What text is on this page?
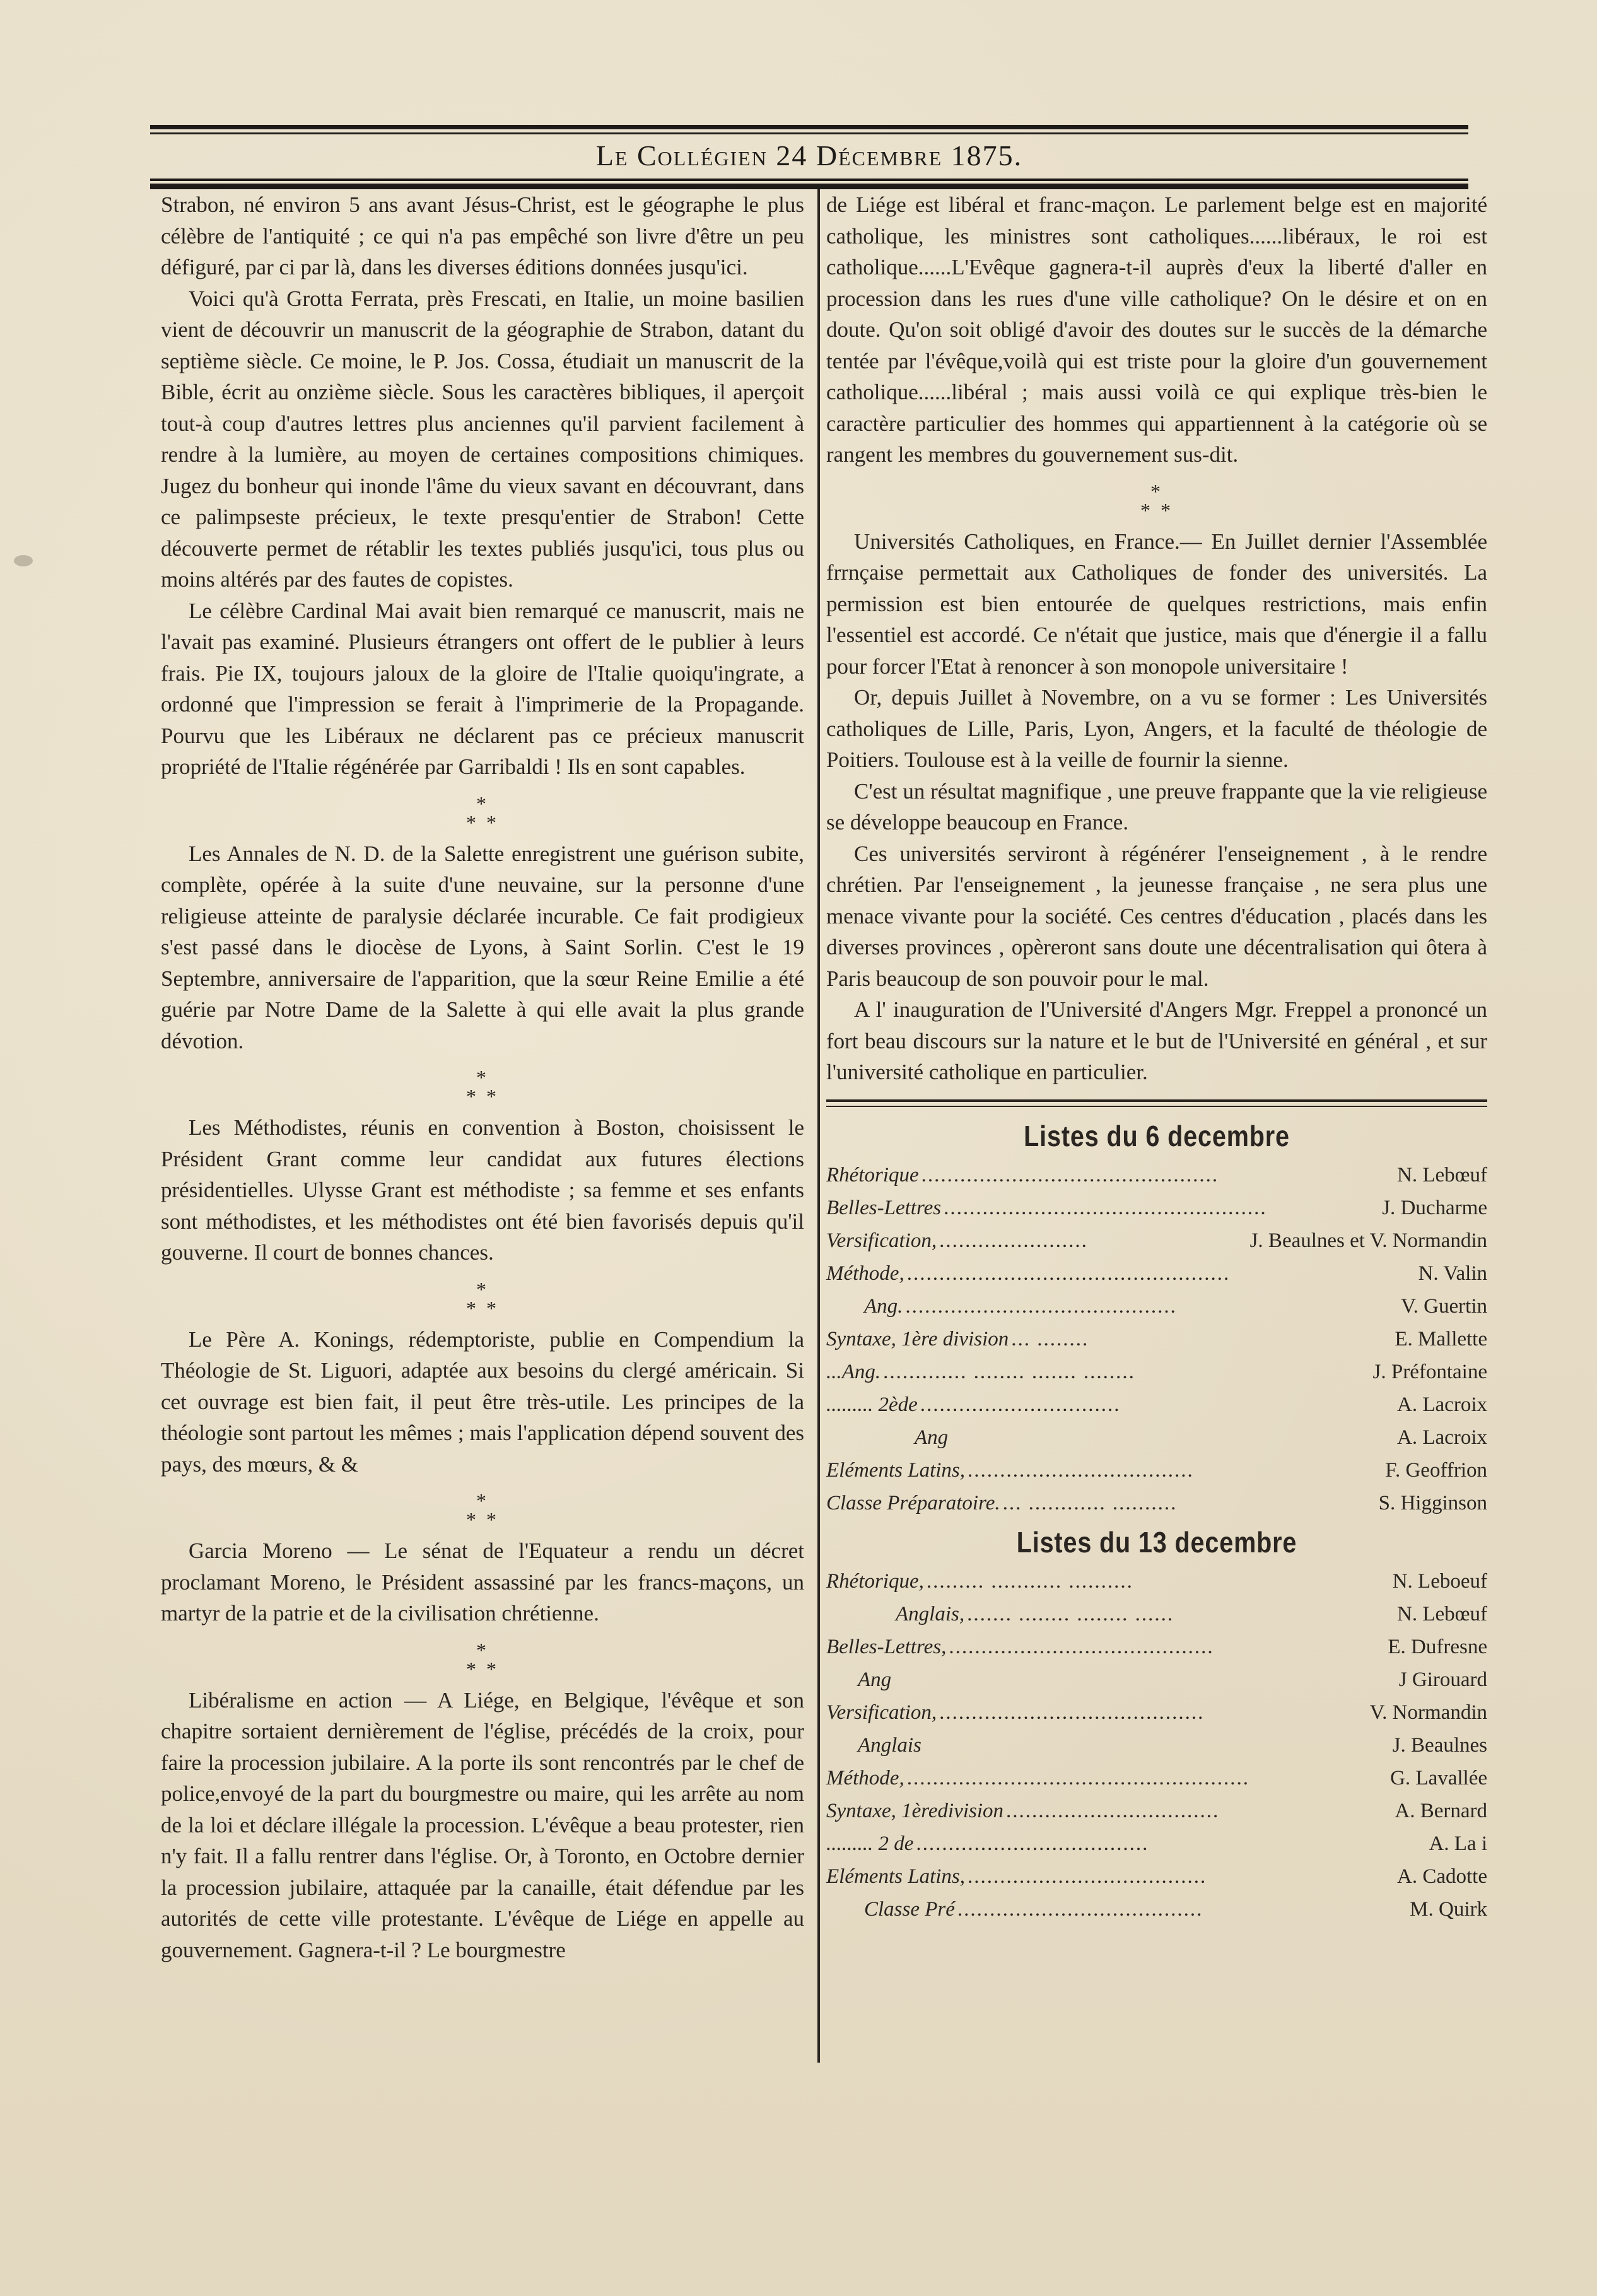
Le Collégien 24 Décembre 1875.

Strabon, né environ 5 ans avant Jésus-Christ, est le géographe le plus célèbre de l'antiquité ; ce qui n'a pas empêché son livre d'être un peu défiguré, par ci par là, dans les diverses éditions données jusqu'ici.

Voici qu'à Grotta Ferrata, près Frescati, en Italie, un moine basilien vient de découvrir un manuscrit de la géographie de Strabon, datant du septième siècle. Ce moine, le P. Jos. Cossa, étudiait un manuscrit de la Bible, écrit au onzième siècle. Sous les caractères bibliques, il aperçoit tout-à coup d'autres lettres plus anciennes qu'il parvient facilement à rendre à la lumière, au moyen de certaines compositions chimiques. Jugez du bonheur qui inonde l'âme du vieux savant en découvrant, dans ce palimpseste précieux, le texte presqu'entier de Strabon! Cette découverte permet de rétablir les textes publiés jusqu'ici, tous plus ou moins altérés par des fautes de copistes.

Le célèbre Cardinal Mai avait bien remarqué ce manuscrit, mais ne l'avait pas examiné. Plusieurs étrangers ont offert de le publier à leurs frais. Pie IX, toujours jaloux de la gloire de l'Italie quoiqu'ingrate, a ordonné que l'impression se ferait à l'imprimerie de la Propagande. Pourvu que les Libéraux ne déclarent pas ce précieux manuscrit propriété de l'Italie régénérée par Garribaldi ! Ils en sont capables.

*
* *

Les Annales de N. D. de la Salette enregistrent une guérison subite, complète, opérée à la suite d'une neuvaine, sur la personne d'une religieuse atteinte de paralysie déclarée incurable. Ce fait prodigieux s'est passé dans le diocèse de Lyons, à Saint Sorlin. C'est le 19 Septembre, anniversaire de l'apparition, que la sœur Reine Emilie a été guérie par Notre Dame de la Salette à qui elle avait la plus grande dévotion.

*
* *

Les Méthodistes, réunis en convention à Boston, choisissent le Président Grant comme leur candidat aux futures élections présidentielles. Ulysse Grant est méthodiste ; sa femme et ses enfants sont méthodistes, et les méthodistes ont été bien favorisés depuis qu'il gouverne. Il court de bonnes chances.

*
* *

Le Père A. Konings, rédemptoriste, publie en Compendium la Théologie de St. Liguori, adaptée aux besoins du clergé américain. Si cet ouvrage est bien fait, il peut être très-utile. Les principes de la théologie sont partout les mêmes ; mais l'application dépend souvent des pays, des mœurs, & &

*
* *

Garcia Moreno — Le sénat de l'Equateur a rendu un décret proclamant Moreno, le Président assassiné par les francs-maçons, un martyr de la patrie et de la civilisation chrétienne.

*
* *

Libéralisme en action — A Liége, en Belgique, l'évêque et son chapitre sortaient dernièrement de l'église, précédés de la croix, pour faire la procession jubilaire. A la porte ils sont rencontrés par le chef de police,envoyé de la part du bourgmestre ou maire, qui les arrête au nom de la loi et déclare illégale la procession. L'évêque a beau protester, rien n'y fait. Il a fallu rentrer dans l'église. Or, à Toronto, en Octobre dernier la procession jubilaire, attaquée par la canaille, était défendue par les autorités de cette ville protestante. L'évêque de Liége en appelle au gouvernement. Gagnera-t-il ? Le bourgmestre

de Liége est libéral et franc-maçon. Le parlement belge est en majorité catholique, les ministres sont catholiques......libéraux, le roi est catholique......L'Evêque gagnera-t-il auprès d'eux la liberté d'aller en procession dans les rues d'une ville catholique? On le désire et on en doute. Qu'on soit obligé d'avoir des doutes sur le succès de la démarche tentée par l'évêque,voilà qui est triste pour la gloire d'un gouvernement catholique......libéral ; mais aussi voilà ce qui explique très-bien le caractère particulier des hommes qui appartiennent à la catégorie où se rangent les membres du gouvernement sus-dit.

*
* *

Universités Catholiques, en France.— En Juillet dernier l'Assemblée frrnçaise permettait aux Catholiques de fonder des universités. La permission est bien entourée de quelques restrictions, mais enfin l'essentiel est accordé. Ce n'était que justice, mais que d'énergie il a fallu pour forcer l'Etat à renoncer à son monopole universitaire !

Or, depuis Juillet à Novembre, on a vu se former : Les Universités catholiques de Lille, Paris, Lyon, Angers, et la faculté de théologie de Poitiers. Toulouse est à la veille de fournir la sienne.

C'est un résultat magnifique , une preuve frappante que la vie religieuse se développe beaucoup en France.

Ces universités serviront à régénérer l'enseignement , à le rendre chrétien. Par l'enseignement , la jeunesse française , ne sera plus une menace vivante pour la société. Ces centres d'éducation , placés dans les diverses provinces , opèreront sans doute une décentralisation qui ôtera à Paris beaucoup de son pouvoir pour le mal.

A l' inauguration de l'Université d'Angers Mgr. Freppel a prononcé un fort beau discours sur la nature et le but de l'Université en général , et sur l'université catholique en particulier.

Listes du 6 decembre
Rhétorique ..............................................	N. Lebœuf
Belles-Lettres ..................................................	J. Ducharme
Versification, .......................	J. Beaulnes et V. Normandin
Méthode, ..................................................	N. Valin
Ang. ..........................................	V. Guertin
Syntaxe, 1ère division ... ........	E. Mallette
...Ang. ............. ........ ....... ........	J. Préfontaine
......... 2ède ...............................	A. Lacroix
Ang	A. Lacroix
Eléments Latins, ...................................	F. Geoffrion
Classe Préparatoire. ... ............ ..........	S. Higginson
Listes du 13 decembre
Rhétorique, ......... ........... ..........	N. Leboeuf
Anglais, ....... ........ ........ ......	N. Lebœuf
Belles-Lettres, .........................................	E. Dufresne
Ang	J Girouard
Versification, .........................................	V. Normandin
Anglais	J. Beaulnes
Méthode, .....................................................	G. Lavallée
Syntaxe, 1èredivision .................................	A. Bernard
......... 2 de ....................................	A. La i
Eléments Latins, .....................................	A. Cadotte
Classe Pré ......................................	M. Quirk
